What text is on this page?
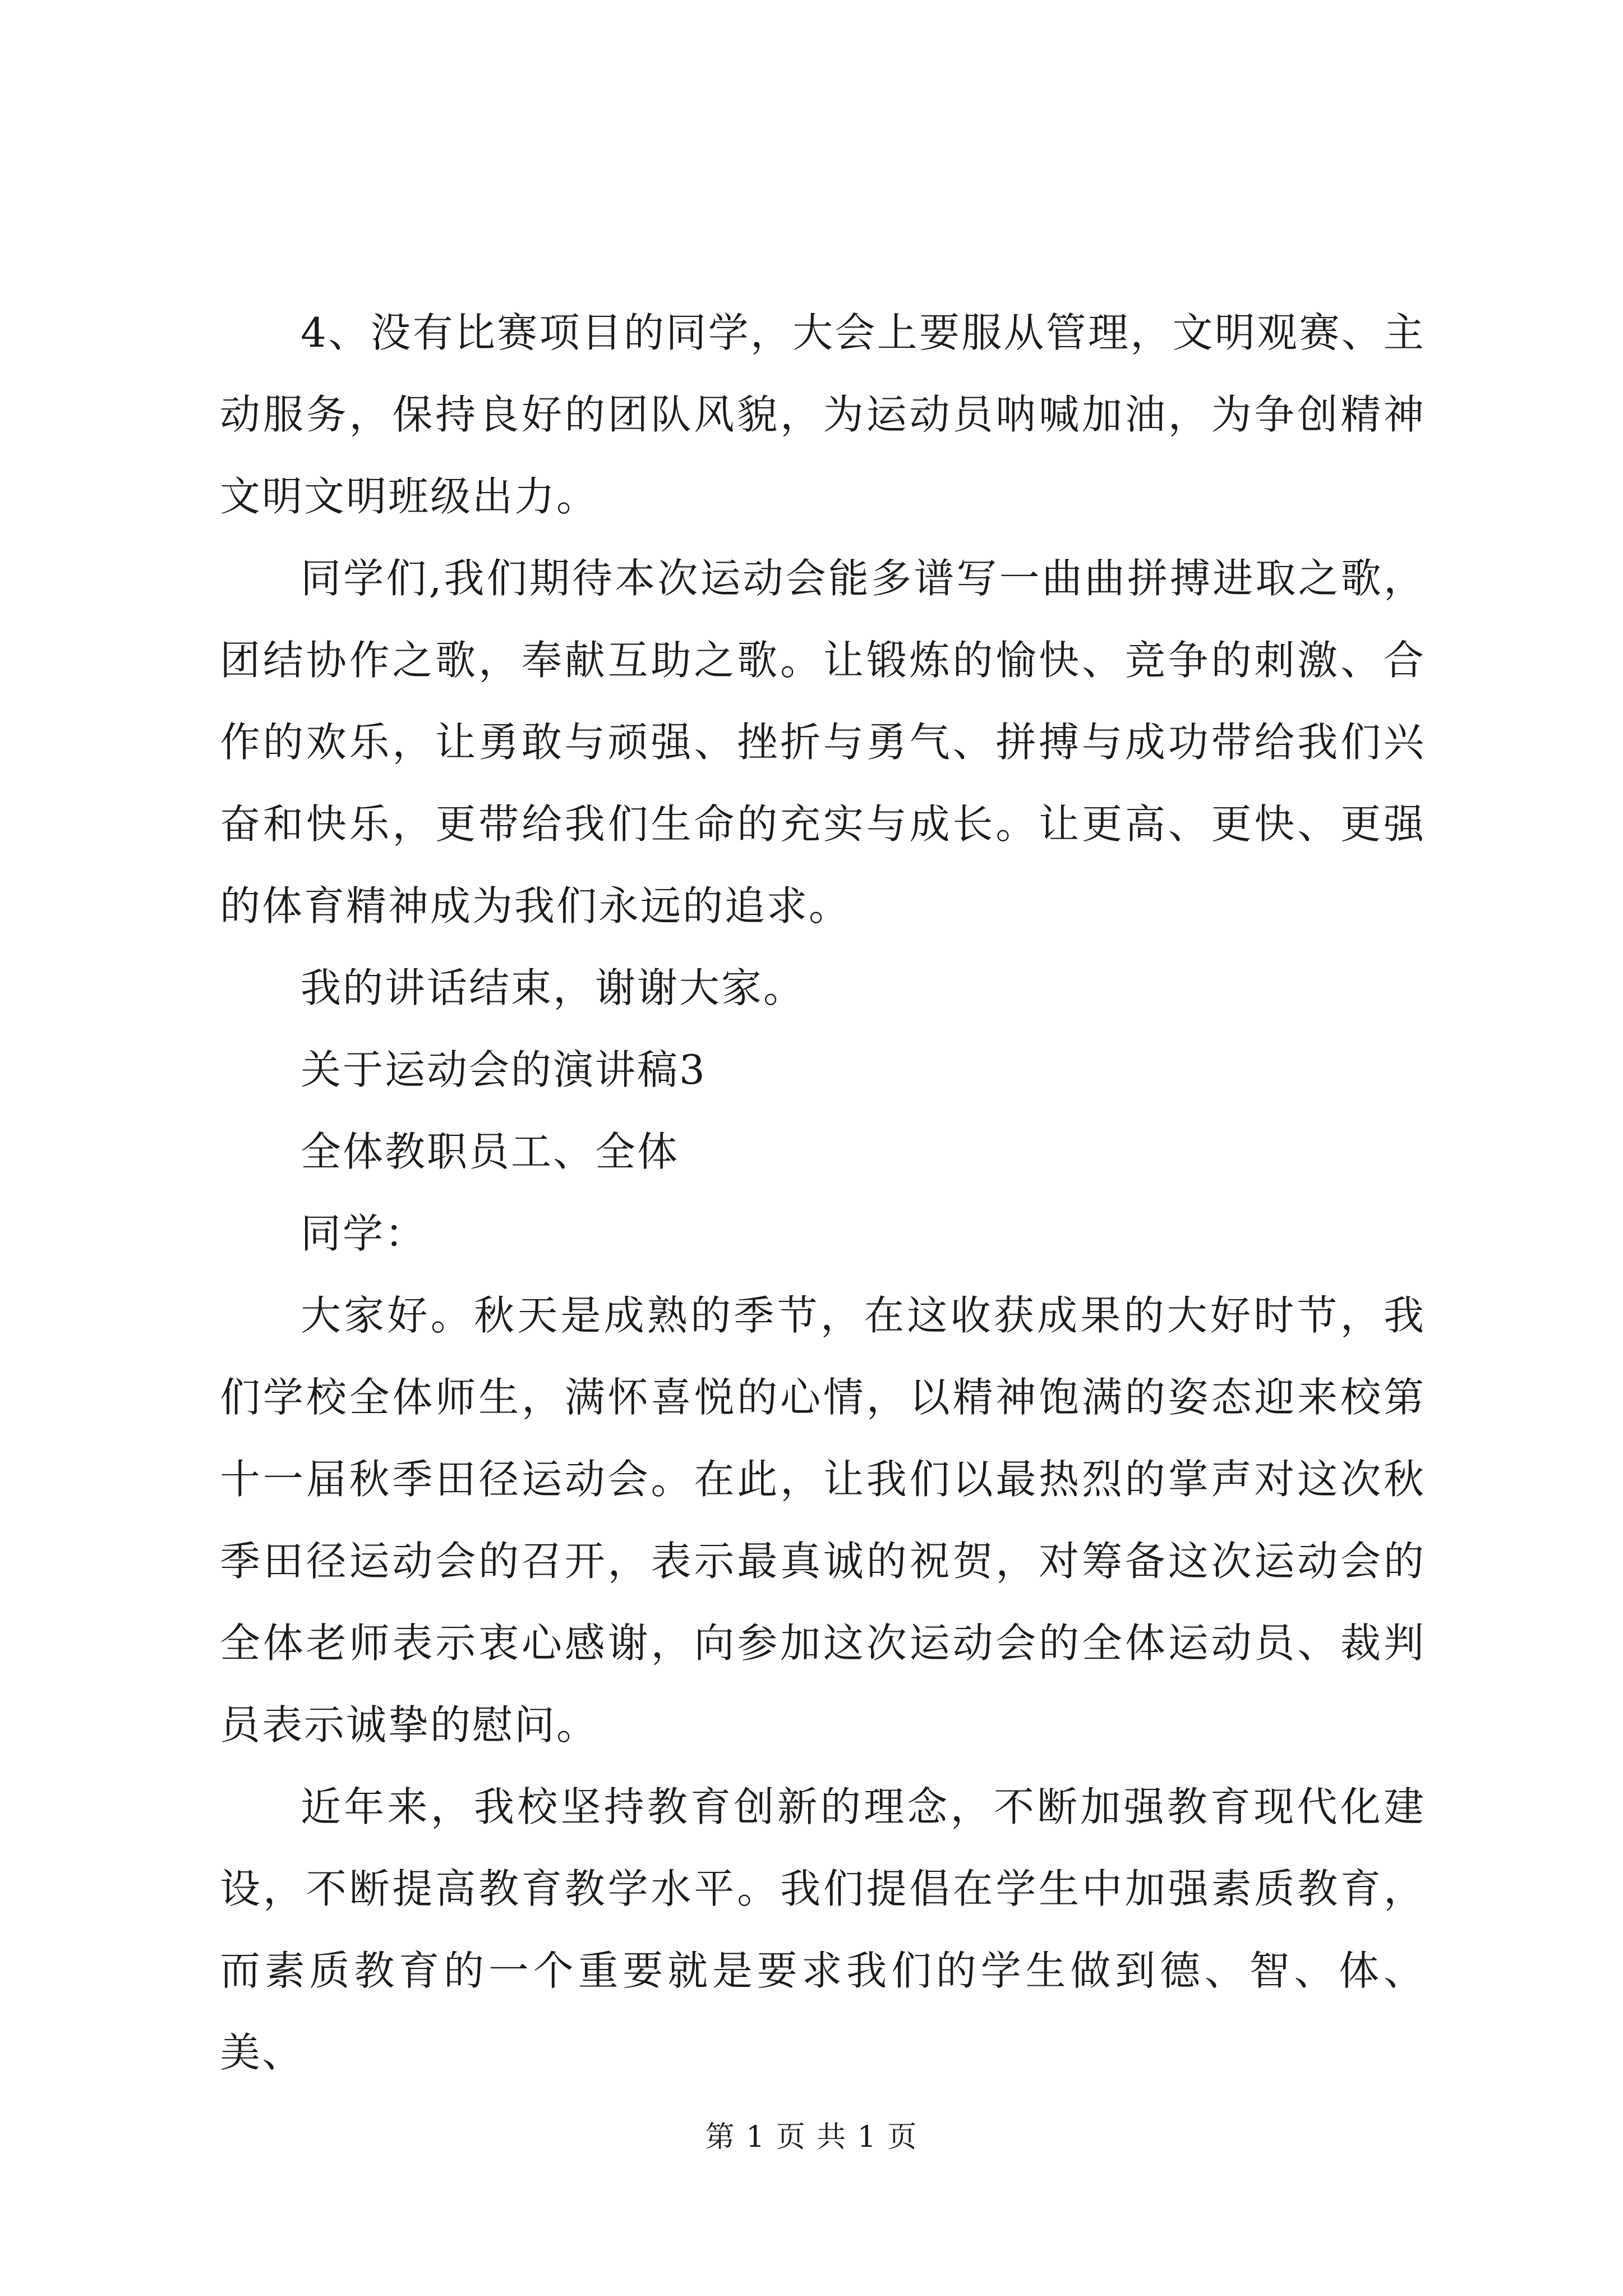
4、没有比赛项目的同学，大会上要服从管理，文明观赛、主动服务，保持良好的团队风貌，为运动员呐喊加油，为争创精神文明文明班级出力。

同学们,我们期待本次运动会能多谱写一曲曲拼搏进取之歌，团结协作之歌，奉献互助之歌。让锻炼的愉快、竞争的刺激、合作的欢乐，让勇敢与顽强、挫折与勇气、拼搏与成功带给我们兴奋和快乐，更带给我们生命的充实与成长。让更高、更快、更强的体育精神成为我们永远的追求。

我的讲话结束，谢谢大家。

关于运动会的演讲稿3

全体教职员工、全体

同学：

大家好。秋天是成熟的季节，在这收获成果的大好时节，我们学校全体师生，满怀喜悦的心情，以精神饱满的姿态迎来校第十一届秋季田径运动会。在此，让我们以最热烈的掌声对这次秋季田径运动会的召开，表示最真诚的祝贺，对筹备这次运动会的全体老师表示衷心感谢，向参加这次运动会的全体运动员、裁判员表示诚挚的慰问。

近年来，我校坚持教育创新的理念，不断加强教育现代化建设，不断提高教育教学水平。我们提倡在学生中加强素质教育，而素质教育的一个重要就是要求我们的学生做到德、智、体、美、

第 1 页 共 1 页
